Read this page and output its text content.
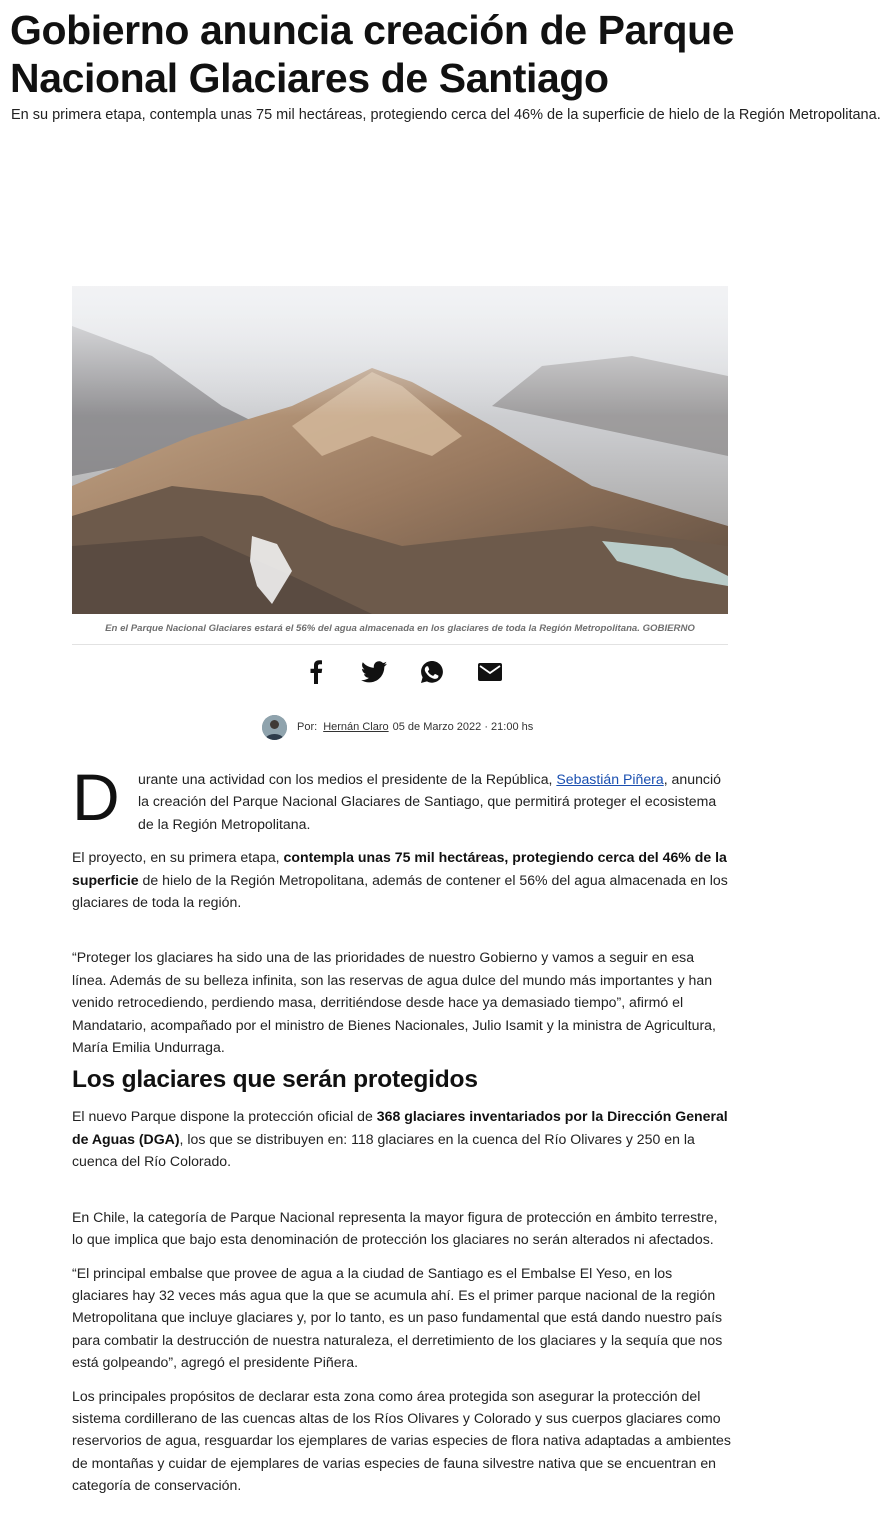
Gobierno anuncia creación de Parque Nacional Glaciares de Santiago

En su primera etapa, contempla unas 75 mil hectáreas, protegiendo cerca del 46% de la superficie de hielo de la Región Metropolitana.

En el Parque Nacional Glaciares estará el 56% del agua almacenada en los glaciares de toda la Región Metropolitana. GOBIERNO

Por: Hernán Claro 05 de Marzo 2022 · 21:00 hs
D urante una actividad con los medios el presidente de la República, Sebastián Piñera, anunció la creación del Parque Nacional Glaciares de Santiago, que permitirá proteger el ecosistema de la Región Metropolitana.

El proyecto, en su primera etapa, contempla unas 75 mil hectáreas, protegiendo cerca del 46% de la superficie de hielo de la Región Metropolitana, además de contener el 56% del agua almacenada en los glaciares de toda la región.

“Proteger los glaciares ha sido una de las prioridades de nuestro Gobierno y vamos a seguir en esa línea. Además de su belleza infinita, son las reservas de agua dulce del mundo más importantes y han venido retrocediendo, perdiendo masa, derritiéndose desde hace ya demasiado tiempo”, afirmó el Mandatario, acompañado por el ministro de Bienes Nacionales, Julio Isamit y la ministra de Agricultura, María Emilia Undurraga.

Los glaciares que serán protegidos

El nuevo Parque dispone la protección oficial de 368 glaciares inventariados por la Dirección General de Aguas (DGA), los que se distribuyen en: 118 glaciares en la cuenca del Río Olivares y 250 en la cuenca del Río Colorado.

En Chile, la categoría de Parque Nacional representa la mayor figura de protección en ámbito terrestre, lo que implica que bajo esta denominación de protección los glaciares no serán alterados ni afectados.

“El principal embalse que provee de agua a la ciudad de Santiago es el Embalse El Yeso, en los glaciares hay 32 veces más agua que la que se acumula ahí. Es el primer parque nacional de la región Metropolitana que incluye glaciares y, por lo tanto, es un paso fundamental que está dando nuestro país para combatir la destrucción de nuestra naturaleza, el derretimiento de los glaciares y la sequía que nos está golpeando”, agregó el presidente Piñera.

Los principales propósitos de declarar esta zona como área protegida son asegurar la protección del sistema cordillerano de las cuencas altas de los Ríos Olivares y Colorado y sus cuerpos glaciares como reservorios de agua, resguardar los ejemplares de varias especies de flora nativa adaptadas a ambientes de montañas y cuidar de ejemplares de varias especies de fauna silvestre nativa que se encuentran en categoría de conservación.
